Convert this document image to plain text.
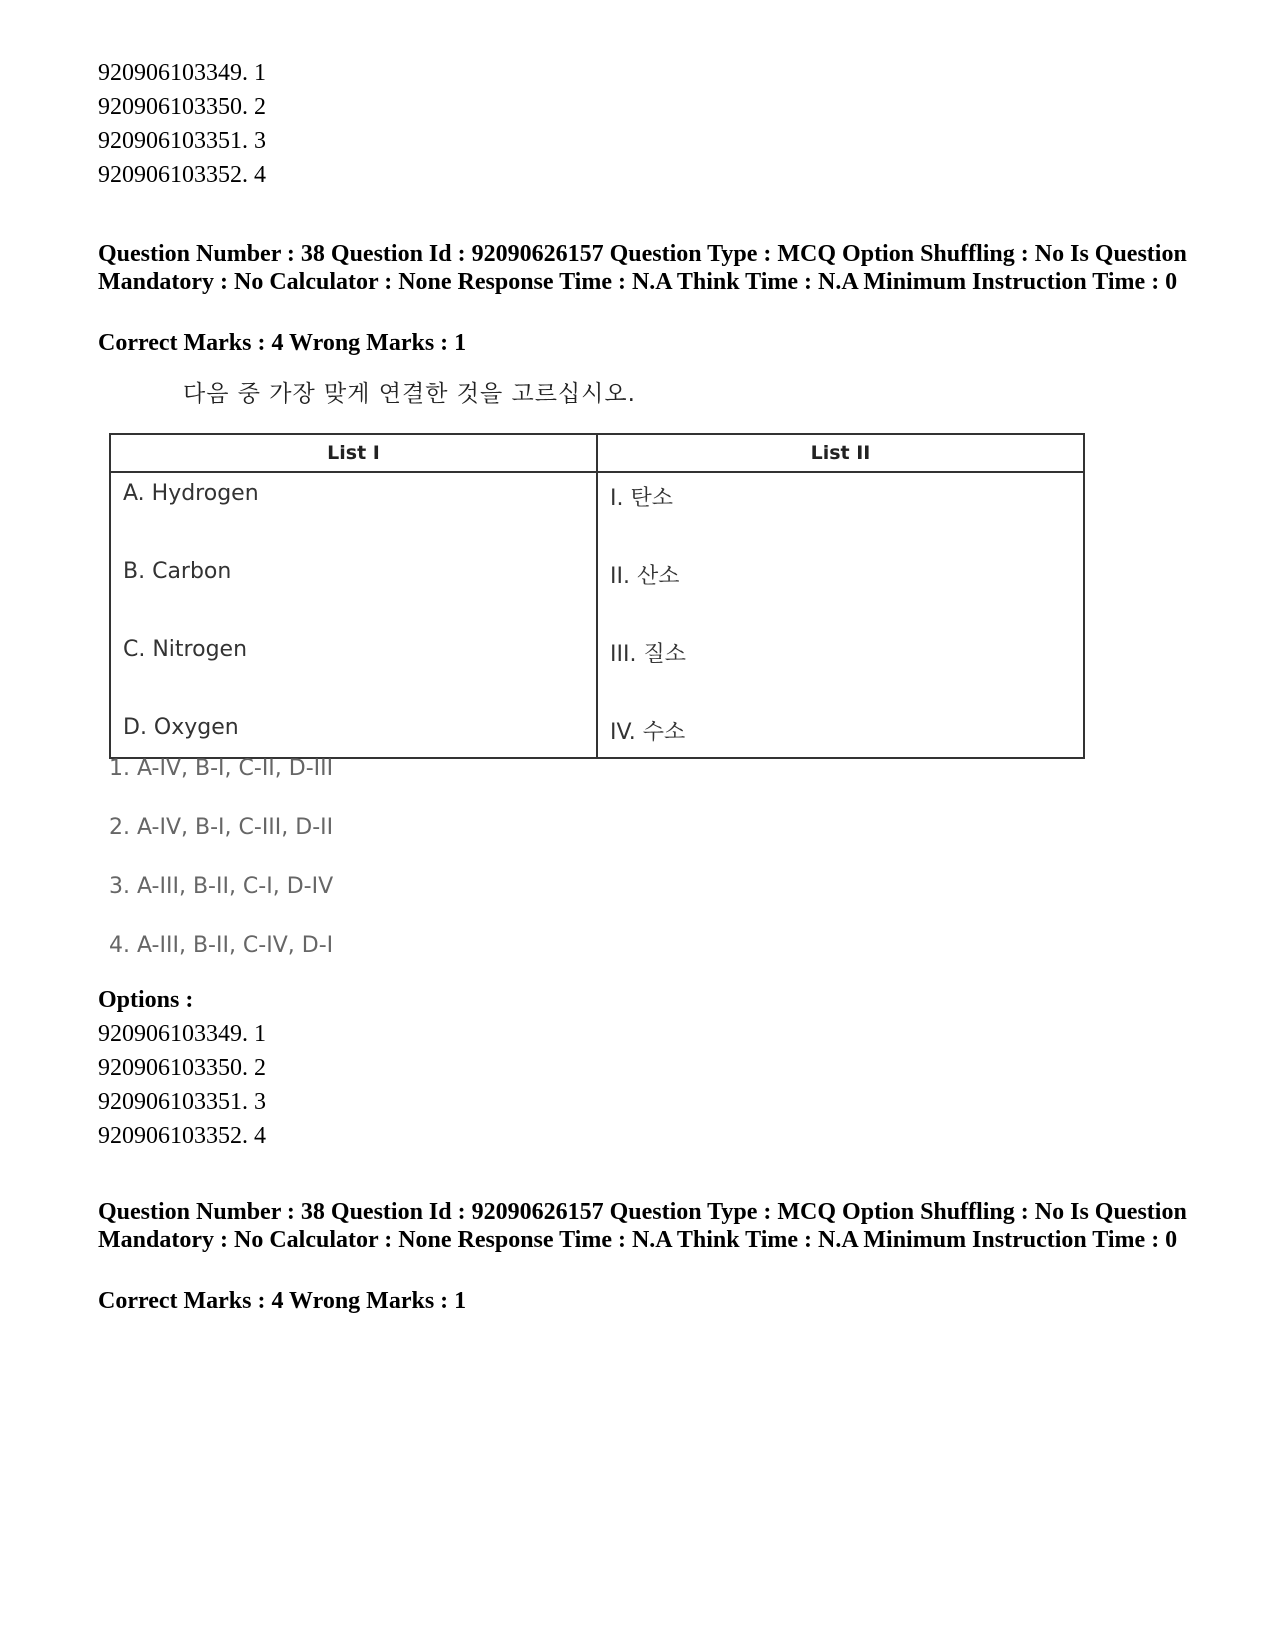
920906103349. 1
920906103350. 2
920906103351. 3
920906103352. 4
Question Number : 38 Question Id : 92090626157 Question Type : MCQ Option Shuffling : No Is Question Mandatory : No Calculator : None Response Time : N.A Think Time : N.A Minimum Instruction Time : 0
Correct Marks : 4 Wrong Marks : 1
다음 중 가장 맞게 연결한 것을 고르십시오.
List I	List II

A. Hydrogen	I. 탄소

B. Carbon	II. 산소

C. Nitrogen	III. 질소

D. Oxygen	IV. 수소
1. A-IV, B-I, C-II, D-III
2. A-IV, B-I, C-III, D-II
3. A-III, B-II, C-I, D-IV
4. A-III, B-II, C-IV, D-I
Options :
920906103349. 1
920906103350. 2
920906103351. 3
920906103352. 4
Question Number : 38 Question Id : 92090626157 Question Type : MCQ Option Shuffling : No Is Question Mandatory : No Calculator : None Response Time : N.A Think Time : N.A Minimum Instruction Time : 0
Correct Marks : 4 Wrong Marks : 1
